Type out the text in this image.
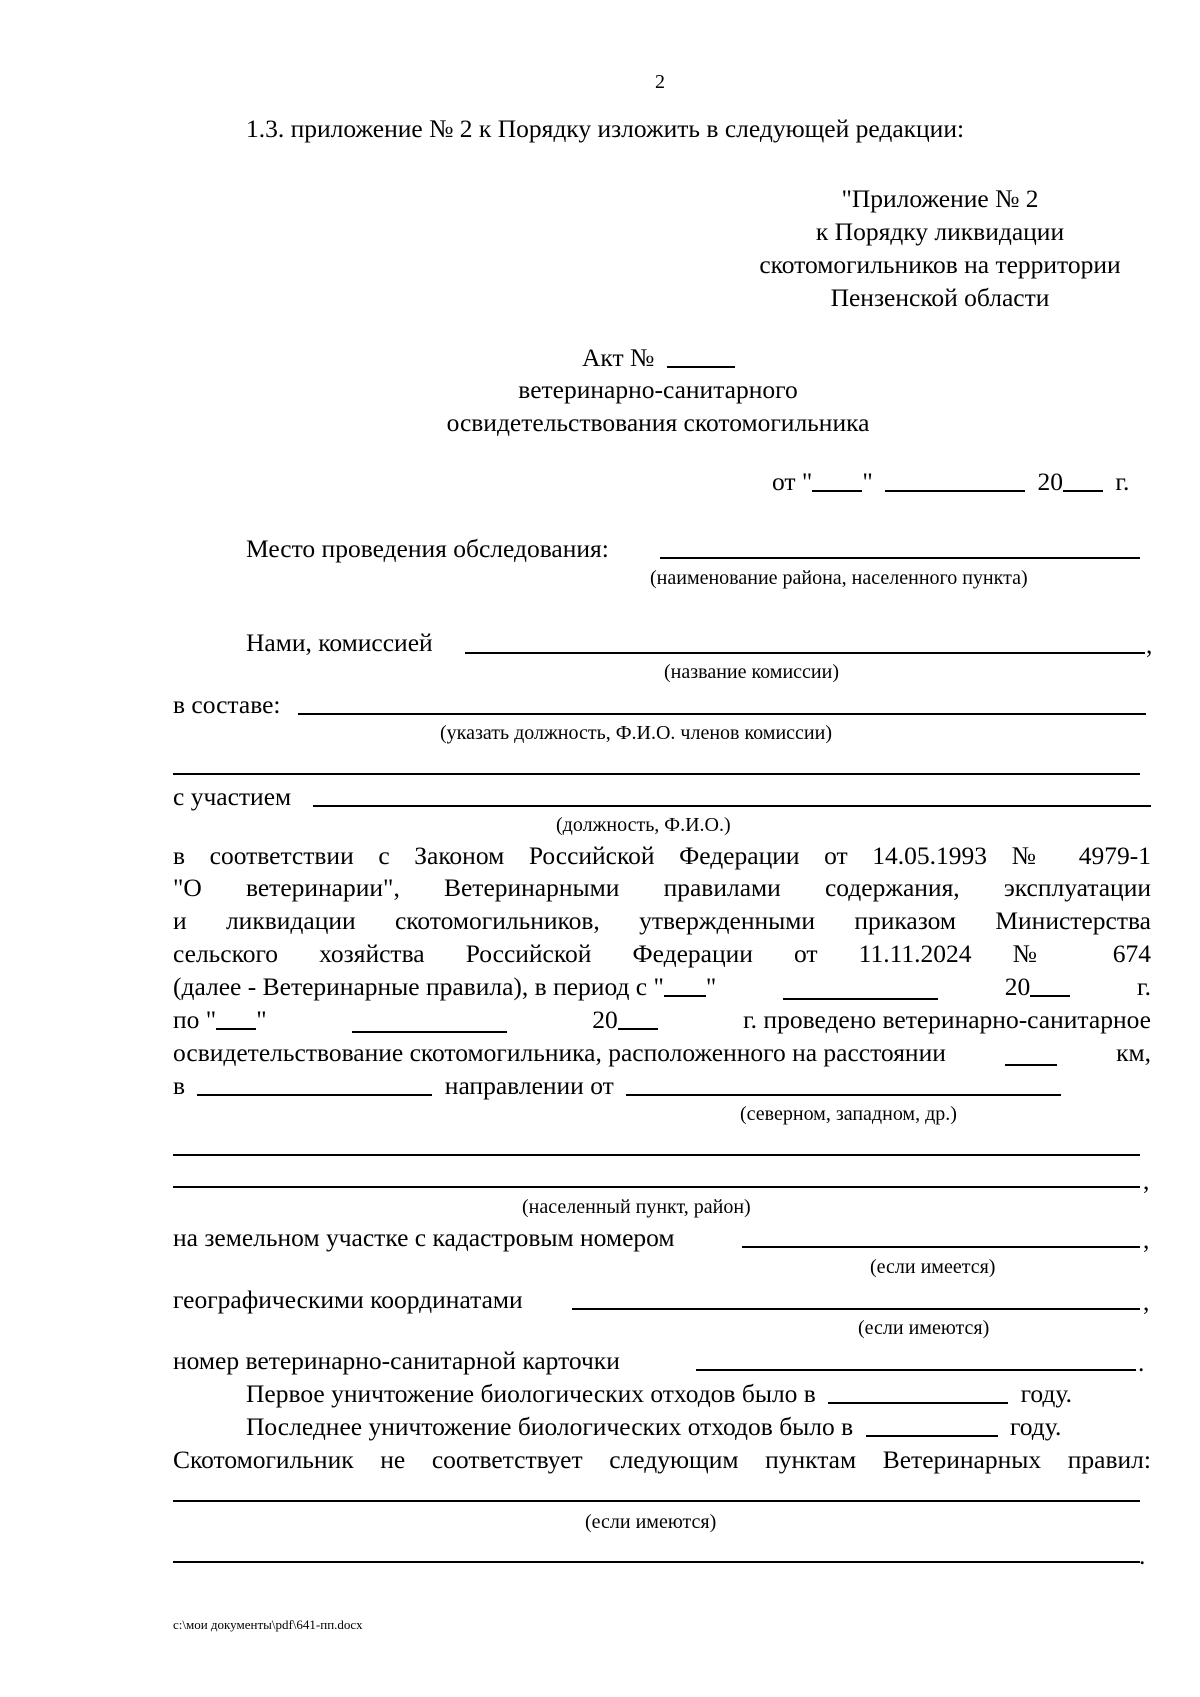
2
1.3. приложение № 2 к Порядку изложить в следующей редакции:
"Приложение № 2
к Порядку ликвидации
скотомогильников на территории
Пензенской области
Акт №
ветеринарно-санитарного
освидетельствования скотомогильника
от " "	20 г.
Место проведения обследования:
(наименование района, населенного пункта)
Нами, комиссией	,
(название комиссии)
в составе:
(указать должность, Ф.И.О. членов комиссии)
с участием
(должность, Ф.И.О.)
в соответствии с Законом Российской Федерации от 14.05.1993 № 4979-1
"О ветеринарии", Ветеринарными правилами содержания, эксплуатации
и ликвидации скотомогильников, утвержденными приказом Министерства
сельского хозяйства Российской Федерации от 11.11.2024 № 674
(далее - Ветеринарные правила), в период с " "	20	г.
по " "	20	г. проведено ветеринарно-санитарное
освидетельствование скотомогильника, расположенного на расстоянии	км,
в	направлении от
(северном, западном, др.)
,
(населенный пункт, район)
на земельном участке с кадастровым номером	,
(если имеется)
географическими координатами	,
(если имеются)
номер ветеринарно-санитарной карточки	.
Первое уничтожение биологических отходов было в	году.
Последнее уничтожение биологических отходов было в	году.
Скотомогильник не соответствует следующим пунктам Ветеринарных правил:
(если имеются)
.
c:\мои документы\pdf\641-пп.docx
